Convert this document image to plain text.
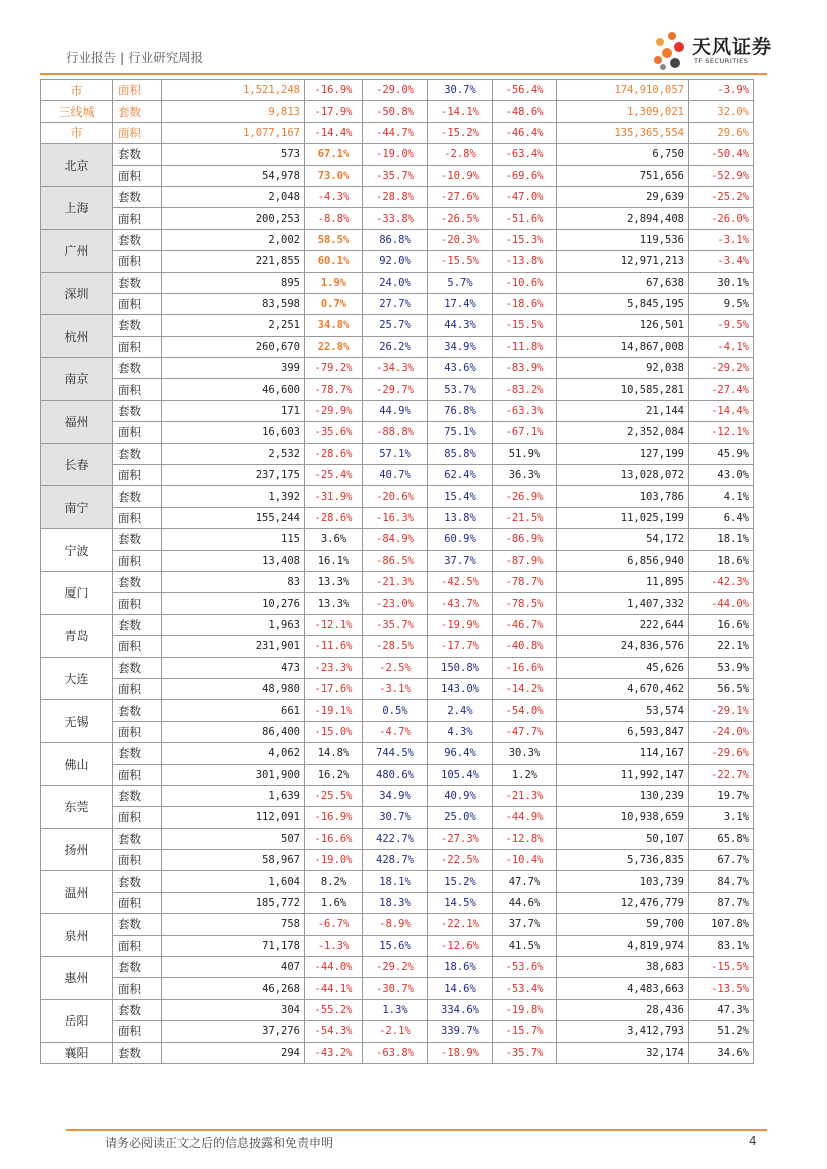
行业报告 | 行业研究周报	天风证券
TF SECURITIES
市	面积	1,521,248	-16.9%	-29.0%	30.7%	-56.4%	174,910,057	-3.9%
三线城	套数	9,813	-17.9%	-50.8%	-14.1%	-48.6%	1,309,021	32.0%
市	面积	1,077,167	-14.4%	-44.7%	-15.2%	-46.4%	135,365,554	29.6%
北京	套数	573	67.1%	-19.0%	-2.8%	-63.4%	6,750	-50.4%
	面积	54,978	73.0%	-35.7%	-10.9%	-69.6%	751,656	-52.9%
上海	套数	2,048	-4.3%	-28.8%	-27.6%	-47.0%	29,639	-25.2%
	面积	200,253	-8.8%	-33.8%	-26.5%	-51.6%	2,894,408	-26.0%
广州	套数	2,002	58.5%	86.8%	-20.3%	-15.3%	119,536	-3.1%
	面积	221,855	60.1%	92.0%	-15.5%	-13.8%	12,971,213	-3.4%
深圳	套数	895	1.9%	24.0%	5.7%	-10.6%	67,638	30.1%
	面积	83,598	0.7%	27.7%	17.4%	-18.6%	5,845,195	9.5%
杭州	套数	2,251	34.8%	25.7%	44.3%	-15.5%	126,501	-9.5%
	面积	260,670	22.8%	26.2%	34.9%	-11.8%	14,867,008	-4.1%
南京	套数	399	-79.2%	-34.3%	43.6%	-83.9%	92,038	-29.2%
	面积	46,600	-78.7%	-29.7%	53.7%	-83.2%	10,585,281	-27.4%
福州	套数	171	-29.9%	44.9%	76.8%	-63.3%	21,144	-14.4%
	面积	16,603	-35.6%	-88.8%	75.1%	-67.1%	2,352,084	-12.1%
长春	套数	2,532	-28.6%	57.1%	85.8%	51.9%	127,199	45.9%
	面积	237,175	-25.4%	40.7%	62.4%	36.3%	13,028,072	43.0%
南宁	套数	1,392	-31.9%	-20.6%	15.4%	-26.9%	103,786	4.1%
	面积	155,244	-28.6%	-16.3%	13.8%	-21.5%	11,025,199	6.4%
宁波	套数	115	3.6%	-84.9%	60.9%	-86.9%	54,172	18.1%
	面积	13,408	16.1%	-86.5%	37.7%	-87.9%	6,856,940	18.6%
厦门	套数	83	13.3%	-21.3%	-42.5%	-78.7%	11,895	-42.3%
	面积	10,276	13.3%	-23.0%	-43.7%	-78.5%	1,407,332	-44.0%
青岛	套数	1,963	-12.1%	-35.7%	-19.9%	-46.7%	222,644	16.6%
	面积	231,901	-11.6%	-28.5%	-17.7%	-40.8%	24,836,576	22.1%
大连	套数	473	-23.3%	-2.5%	150.8%	-16.6%	45,626	53.9%
	面积	48,980	-17.6%	-3.1%	143.0%	-14.2%	4,670,462	56.5%
无锡	套数	661	-19.1%	0.5%	2.4%	-54.0%	53,574	-29.1%
	面积	86,400	-15.0%	-4.7%	4.3%	-47.7%	6,593,847	-24.0%
佛山	套数	4,062	14.8%	744.5%	96.4%	30.3%	114,167	-29.6%
	面积	301,900	16.2%	480.6%	105.4%	1.2%	11,992,147	-22.7%
东莞	套数	1,639	-25.5%	34.9%	40.9%	-21.3%	130,239	19.7%
	面积	112,091	-16.9%	30.7%	25.0%	-44.9%	10,938,659	3.1%
扬州	套数	507	-16.6%	422.7%	-27.3%	-12.8%	50,107	65.8%
	面积	58,967	-19.0%	428.7%	-22.5%	-10.4%	5,736,835	67.7%
温州	套数	1,604	8.2%	18.1%	15.2%	47.7%	103,739	84.7%
	面积	185,772	1.6%	18.3%	14.5%	44.6%	12,476,779	87.7%
泉州	套数	758	-6.7%	-8.9%	-22.1%	37.7%	59,700	107.8%
	面积	71,178	-1.3%	15.6%	-12.6%	41.5%	4,819,974	83.1%
惠州	套数	407	-44.0%	-29.2%	18.6%	-53.6%	38,683	-15.5%
	面积	46,268	-44.1%	-30.7%	14.6%	-53.4%	4,483,663	-13.5%
岳阳	套数	304	-55.2%	1.3%	334.6%	-19.8%	28,436	47.3%
	面积	37,276	-54.3%	-2.1%	339.7%	-15.7%	3,412,793	51.2%
襄阳	套数	294	-43.2%	-63.8%	-18.9%	-35.7%	32,174	34.6%
请务必阅读正文之后的信息披露和免责申明	4
